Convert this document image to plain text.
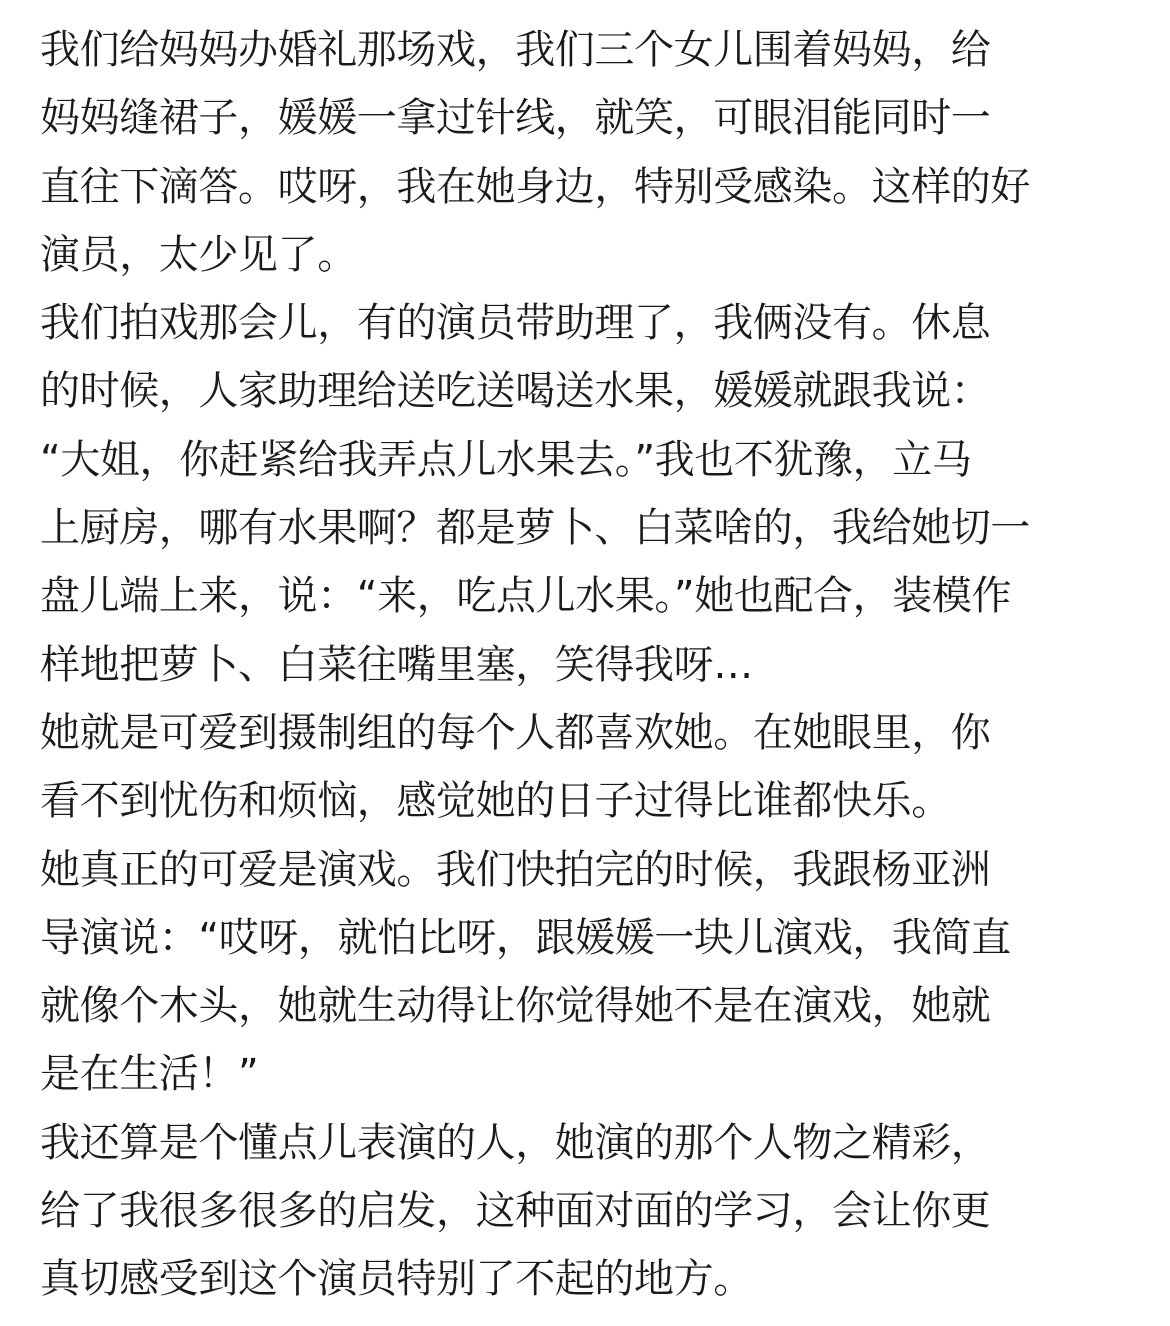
我们给妈妈办婚礼那场戏，我们三个女儿围着妈妈，给
妈妈缝裙子，媛媛一拿过针线，就笑，可眼泪能同时一
直往下滴答。哎呀，我在她身边，特别受感染。这样的好
演员，太少见了。
我们拍戏那会儿，有的演员带助理了，我俩没有。休息
的时候，人家助理给送吃送喝送水果，媛媛就跟我说：
“大姐，你赶紧给我弄点儿水果去。”我也不犹豫，立马
上厨房，哪有水果啊？都是萝卜、白菜啥的，我给她切一
盘儿端上来，说：“来，吃点儿水果。”她也配合，装模作
样地把萝卜、白菜往嘴里塞，笑得我呀…
她就是可爱到摄制组的每个人都喜欢她。在她眼里，你
看不到忧伤和烦恼，感觉她的日子过得比谁都快乐。
她真正的可爱是演戏。我们快拍完的时候，我跟杨亚洲
导演说：“哎呀，就怕比呀，跟媛媛一块儿演戏，我简直
就像个木头，她就生动得让你觉得她不是在演戏，她就
是在生活！”
我还算是个懂点儿表演的人，她演的那个人物之精彩，
给了我很多很多的启发，这种面对面的学习，会让你更
真切感受到这个演员特别了不起的地方。
